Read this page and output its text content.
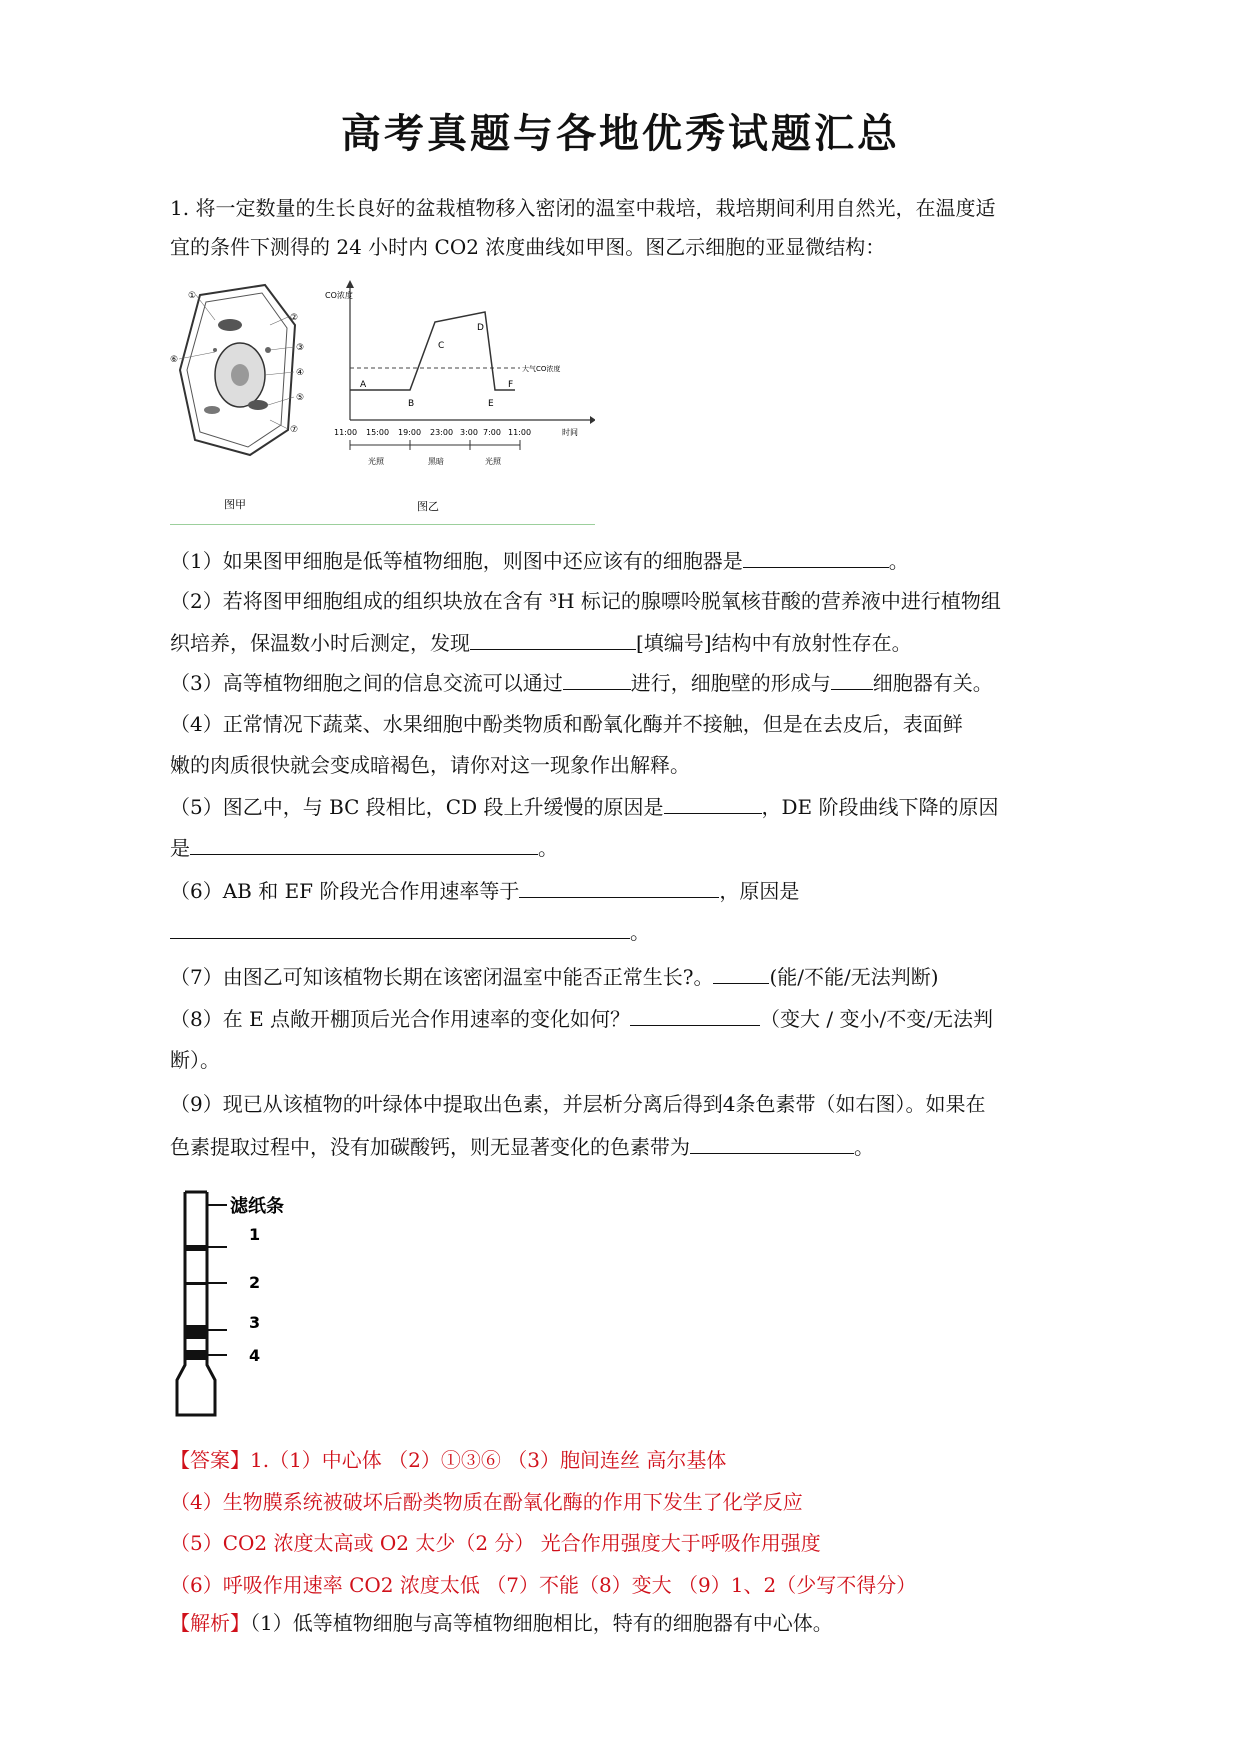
高考真题与各地优秀试题汇总
1. 将一定数量的生长良好的盆栽植物移入密闭的温室中栽培，栽培期间利用自然光，在温度适
宜的条件下测得的 24 小时内 CO2 浓度曲线如甲图。图乙示细胞的亚显微结构：
①
②
③
④
⑤
⑥
⑦
图甲
CO浓度
大气CO浓度
A
B
C
D
E
F
11:00 15:00 19:00 23:00 3:00 7:00 11:00	时间
光照	黑暗	光照
图乙
（1）如果图甲细胞是低等植物细胞，则图中还应该有的细胞器是	。
（2）若将图甲细胞组成的组织块放在含有 ³H 标记的腺嘌呤脱氧核苷酸的营养液中进行植物组
织培养，保温数小时后测定，发现	[填编号]结构中有放射性存在。
（3）高等植物细胞之间的信息交流可以通过	进行，细胞壁的形成与 细胞器有关。
（4）正常情况下蔬菜、水果细胞中酚类物质和酚氧化酶并不接触，但是在去皮后，表面鲜
嫩的肉质很快就会变成暗褐色，请你对这一现象作出解释。
（5）图乙中，与 BC 段相比，CD 段上升缓慢的原因是	，DE 阶段曲线下降的原因
是	。
（6）AB 和 EF 阶段光合作用速率等于	，原因是
。
（7）由图乙可知该植物长期在该密闭温室中能否正常生长?。	(能/不能/无法判断)
（8）在 E 点敞开棚顶后光合作用速率的变化如何？	（变大 / 变小/不变/无法判
断）。
（9）现已从该植物的叶绿体中提取出色素，并层析分离后得到4条色素带（如右图）。如果在
色素提取过程中，没有加碳酸钙，则无显著变化的色素带为	。
滤纸条
1
2
3
4
【答案】1.（1）中心体 （2）①③⑥ （3）胞间连丝 高尔基体
（4）生物膜系统被破坏后酚类物质在酚氧化酶的作用下发生了化学反应
（5）CO2 浓度太高或 O2 太少（2 分） 光合作用强度大于呼吸作用强度
（6）呼吸作用速率 CO2 浓度太低 （7）不能（8）变大 （9）1、2（少写不得分）
【解析】（1）低等植物细胞与高等植物细胞相比，特有的细胞器有中心体。
